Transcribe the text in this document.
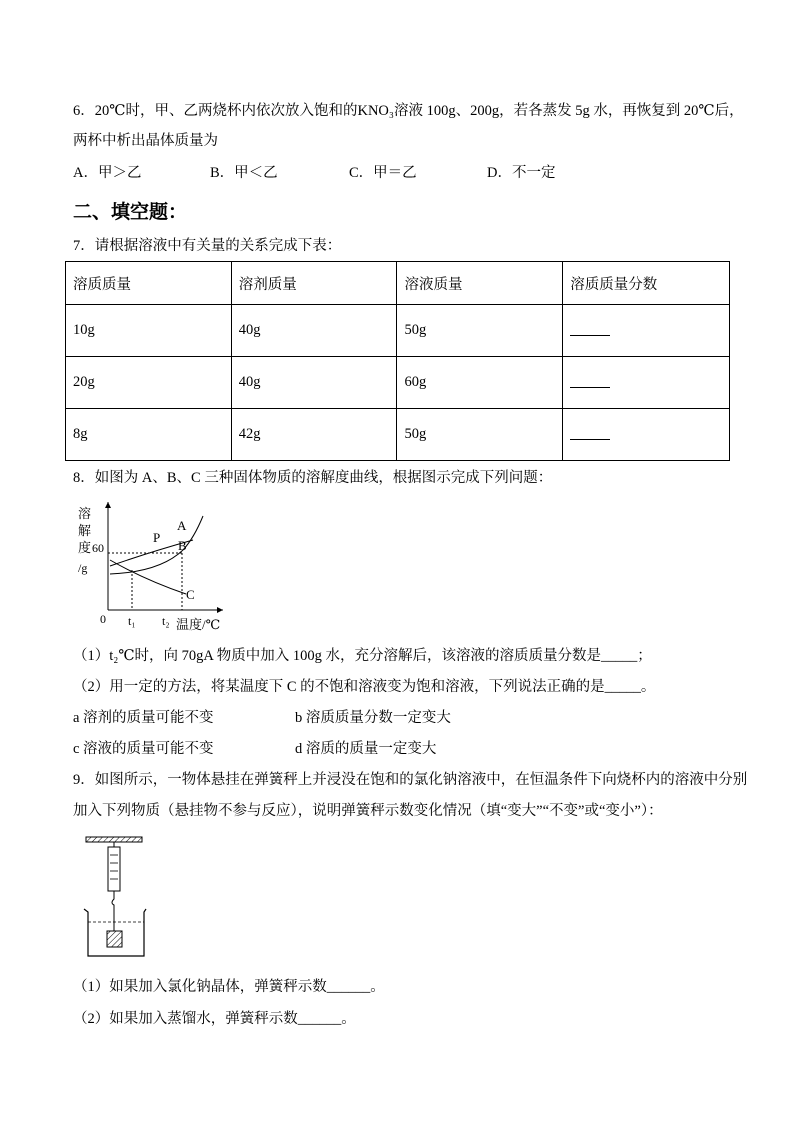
6．20℃时，甲、乙两烧杯内依次放入饱和的KNO₃溶液 100g、200g，若各蒸发 5g 水，再恢复到 20℃后，
两杯中析出晶体质量为
A．甲＞乙	B．甲＜乙	C．甲＝乙	D．不一定
二、填空题：
7．请根据溶液中有关量的关系完成下表：
溶质质量	溶剂质量	溶液质量	溶质质量分数
10g	40g	50g	
20g	40g	60g	
8g	42g	50g	
8．如图为 A、B、C 三种固体物质的溶解度曲线，根据图示完成下列问题：
溶
解
度 60
/g
A
B
C
P
0 t₁ t₂ 温度/℃
（1）t₂℃时，向 70gA 物质中加入 100g 水，充分溶解后，该溶液的溶质质量分数是_____；
（2）用一定的方法，将某温度下 C 的不饱和溶液变为饱和溶液，下列说法正确的是_____。
a 溶剂的质量可能不变	b 溶质质量分数一定变大
c 溶液的质量可能不变	d 溶质的质量一定变大
9．如图所示，一物体悬挂在弹簧秤上并浸没在饱和的氯化钠溶液中，在恒温条件下向烧杯内的溶液中分别
加入下列物质（悬挂物不参与反应），说明弹簧秤示数变化情况（填“变大”“不变”或“变小”）：
（1）如果加入氯化钠晶体，弹簧秤示数______。
（2）如果加入蒸馏水，弹簧秤示数______。
